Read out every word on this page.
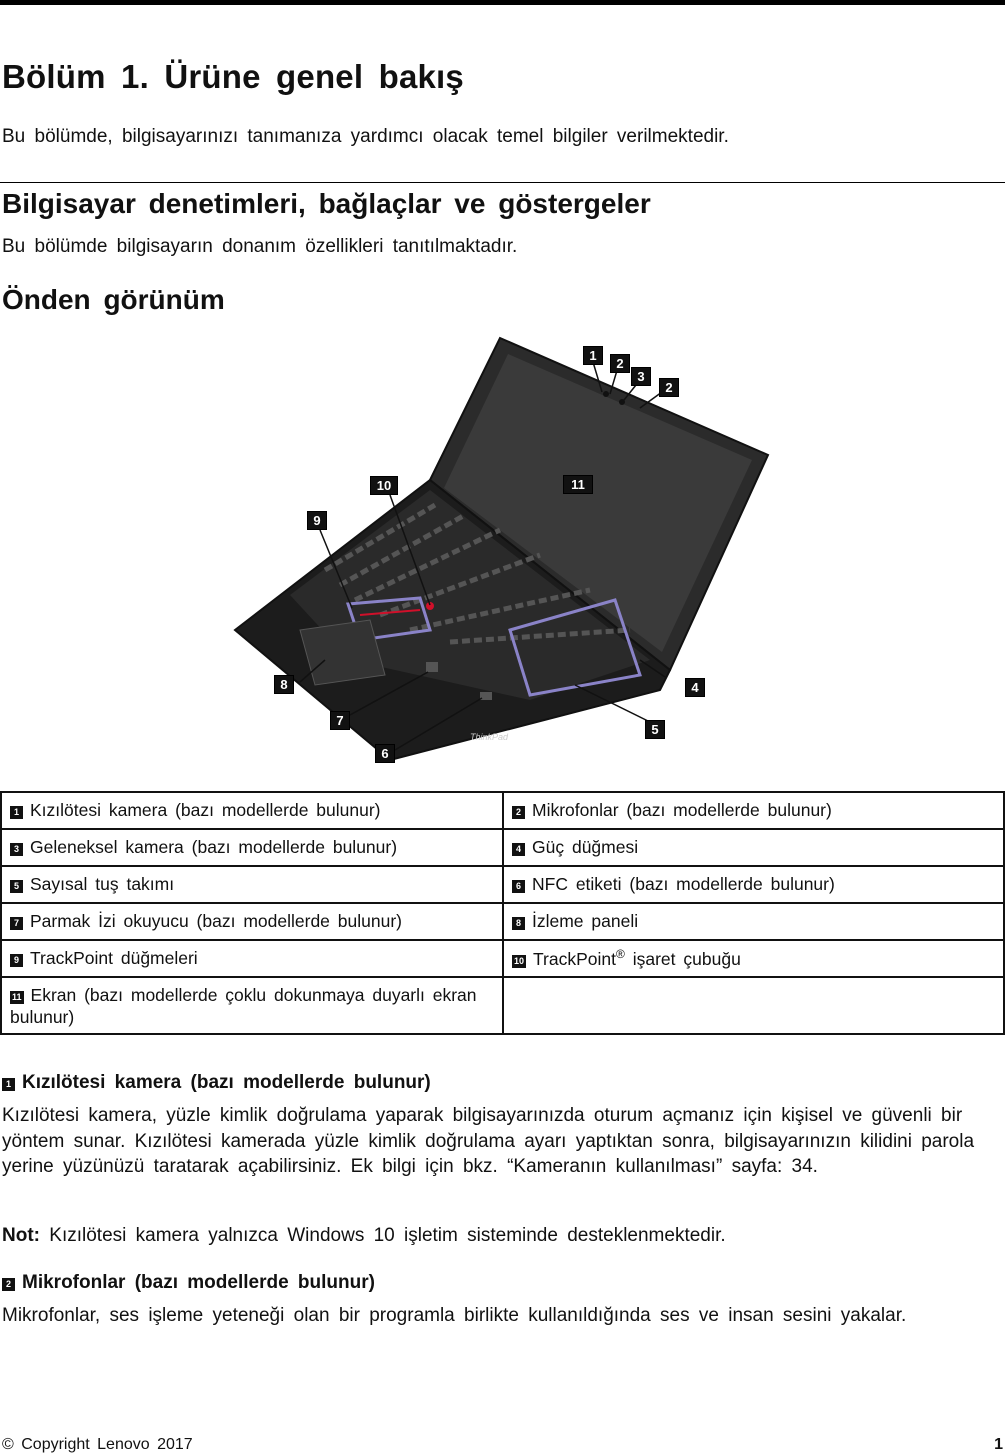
Bölüm 1. Ürüne genel bakış
Bu bölümde, bilgisayarınızı tanımanıza yardımcı olacak temel bilgiler verilmektedir.
Bilgisayar denetimleri, bağlaçlar ve göstergeler
Bu bölümde bilgisayarın donanım özellikleri tanıtılmaktadır.
Önden görünüm
ThinkPad
1
2
3
2
11
10
9
4
5
8
7
6
1 Kızılötesi kamera (bazı modellerde bulunur)	2 Mikrofonlar (bazı modellerde bulunur)
3 Geleneksel kamera (bazı modellerde bulunur)	4 Güç düğmesi
5 Sayısal tuş takımı	6 NFC etiketi (bazı modellerde bulunur)
7 Parmak İzi okuyucu (bazı modellerde bulunur)	8 İzleme paneli
9 TrackPoint düğmeleri	10 TrackPoint® işaret çubuğu
11 Ekran (bazı modellerde çoklu dokunmaya duyarlı ekran bulunur)	
1 Kızılötesi kamera (bazı modellerde bulunur)
Kızılötesi kamera, yüzle kimlik doğrulama yaparak bilgisayarınızda oturum açmanız için kişisel ve güvenli bir yöntem sunar. Kızılötesi kamerada yüzle kimlik doğrulama ayarı yaptıktan sonra, bilgisayarınızın kilidini parola yerine yüzünüzü taratarak açabilirsiniz. Ek bilgi için bkz. “Kameranın kullanılması” sayfa: 34.
Not: Kızılötesi kamera yalnızca Windows 10 işletim sisteminde desteklenmektedir.
2 Mikrofonlar (bazı modellerde bulunur)
Mikrofonlar, ses işleme yeteneği olan bir programla birlikte kullanıldığında ses ve insan sesini yakalar.
© Copyright Lenovo 2017	1
